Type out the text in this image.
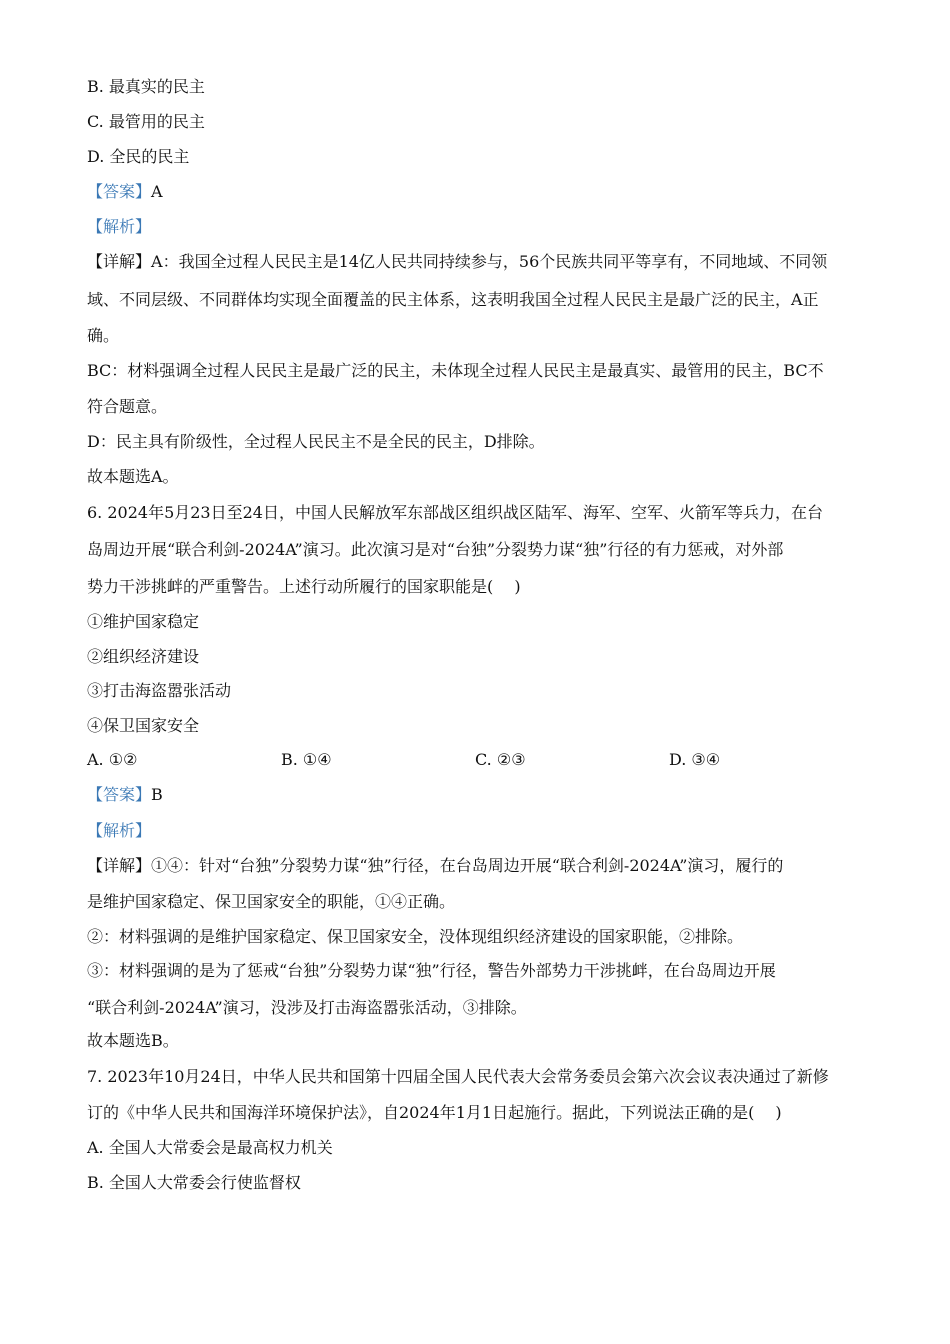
B. 最真实的民主
C. 最管用的民主
D. 全民的民主
【答案】A
【解析】
【详解】A：我国全过程人民民主是14亿人民共同持续参与，56个民族共同平等享有，不同地域、不同领
域、不同层级、不同群体均实现全面覆盖的民主体系，这表明我国全过程人民民主是最广泛的民主，A正
确。
BC：材料强调全过程人民民主是最广泛的民主，未体现全过程人民民主是最真实、最管用的民主，BC不
符合题意。
D：民主具有阶级性，全过程人民民主不是全民的民主，D排除。
故本题选A。
6. 2024年5月23日至24日，中国人民解放军东部战区组织战区陆军、海军、空军、火箭军等兵力，在台
岛周边开展“联合利剑-2024A”演习。此次演习是对“台独”分裂势力谋“独”行径的有力惩戒，对外部
势力干涉挑衅的严重警告。上述行动所履行的国家职能是(　 )
①维护国家稳定
②组织经济建设
③打击海盗嚣张活动
④保卫国家安全
A. ①②	B. ①④	C. ②③	D. ③④
【答案】B
【解析】
【详解】①④：针对“台独”分裂势力谋“独”行径，在台岛周边开展“联合利剑-2024A”演习，履行的
是维护国家稳定、保卫国家安全的职能，①④正确。
②：材料强调的是维护国家稳定、保卫国家安全，没体现组织经济建设的国家职能，②排除。
③：材料强调的是为了惩戒“台独”分裂势力谋“独”行径，警告外部势力干涉挑衅，在台岛周边开展
“联合利剑-2024A”演习，没涉及打击海盗嚣张活动，③排除。
故本题选B。
7. 2023年10月24日，中华人民共和国第十四届全国人民代表大会常务委员会第六次会议表决通过了新修
订的《中华人民共和国海洋环境保护法》，自2024年1月1日起施行。据此，下列说法正确的是(　 )
A. 全国人大常委会是最高权力机关
B. 全国人大常委会行使监督权
